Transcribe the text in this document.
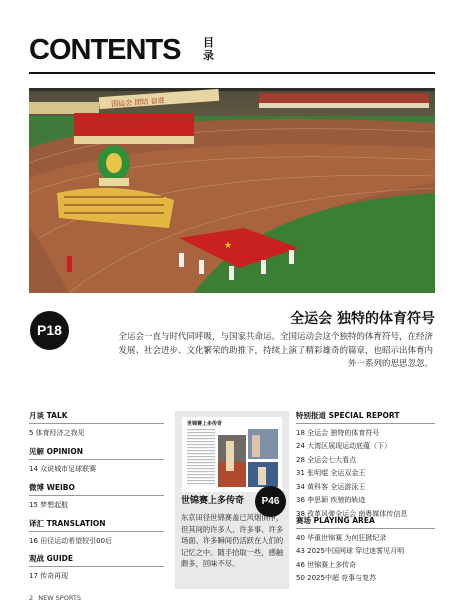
CONTENTS 目录
国运会 团结 奋进
★
P18
全运会 独特的体育符号
全运会一直与时代同呼吸，与国家共命运。全国运动会这个独特的体育符号，在经济发展、社会进步、文化繁荣的助推下，持续上演了精彩雄奇的篇章，也昭示出体育内外一系列的思思忽忽。
月谈 TALK
5 体育经济之我见
见解 OPINION
14 众说城市足球联赛
微博 WEIBO
15 梦想起航
译汇 TRANSLATION
16 田径运动希望较引00后
观战 GUIDE
17 传奇再现
世锦赛上多传奇
世锦赛上多传奇	P46
东京田径世锦赛盖已风烟俱净，但其间的许多人、许多事、许多场面、许多瞬间仍活跃在人们的记忆之中。随手拾取一些，感触颇多，回味不尽。
特别报道 SPECIAL REPORT
18 全运会 独特的体育符号
24 大湾区展现运动底蕴（下）
28 全运会七大看点
31 张明焜 全运双金王
34 黄科客 全运游泳王
36 李思颖 疾驰的轨迹
38 孜革风弹全运会 南粤媒体传信息
赛场 PLAYING AREA
40 华重世锦赛 为何狂掀纪录
43 2025中国网球 穿过迷雾见月明
46 世锦赛上多传奇
50 2025中超 竞事与复苏
2 NEW SPORTS
